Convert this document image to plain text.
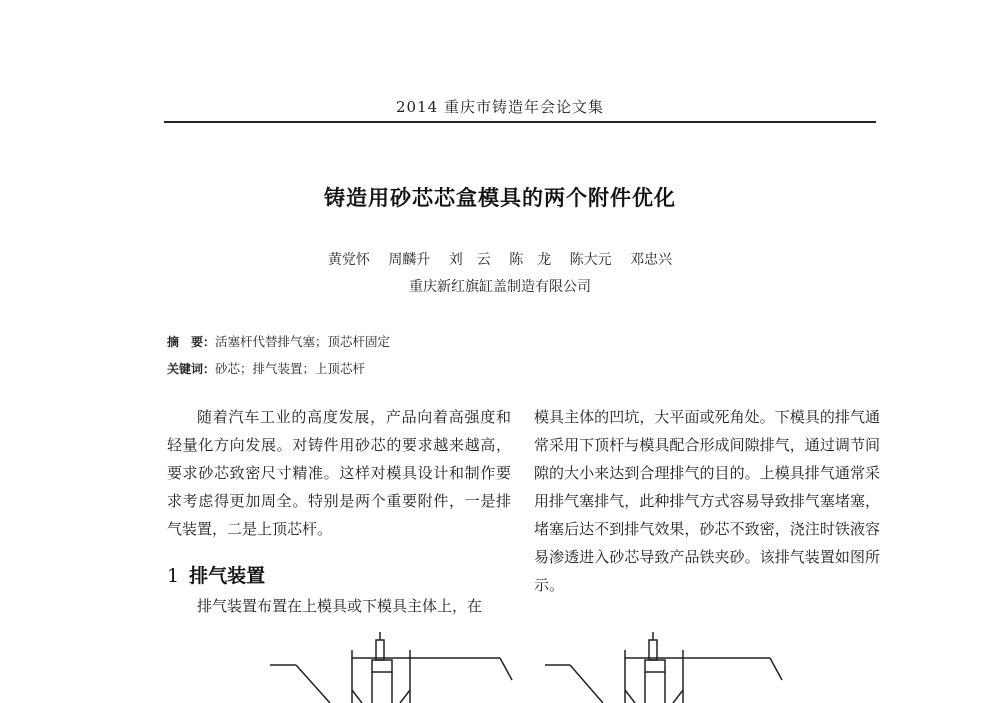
2014 重庆市铸造年会论文集
铸造用砂芯芯盒模具的两个附件优化
黄党怀 周麟升 刘　云 陈　龙 陈大元 邓忠兴
重庆新红旗缸盖制造有限公司
摘　要：活塞杆代替排气塞；顶芯杆固定
关键词：砂芯；排气装置；上顶芯杆
随着汽车工业的高度发展，产品向着高强度和轻量化方向发展。对铸件用砂芯的要求越来越高，要求砂芯致密尺寸精准。这样对模具设计和制作要求考虑得更加周全。特别是两个重要附件，一是排气装置，二是上顶芯杆。
1 排气装置
排气装置布置在上模具或下模具主体上，在
模具主体的凹坑，大平面或死角处。下模具的排气通常采用下顶杆与模具配合形成间隙排气，通过调节间隙的大小来达到合理排气的目的。上模具排气通常采用排气塞排气，此种排气方式容易导致排气塞堵塞，堵塞后达不到排气效果，砂芯不致密，浇注时铁液容易渗透进入砂芯导致产品铁夹砂。该排气装置如图所示。
